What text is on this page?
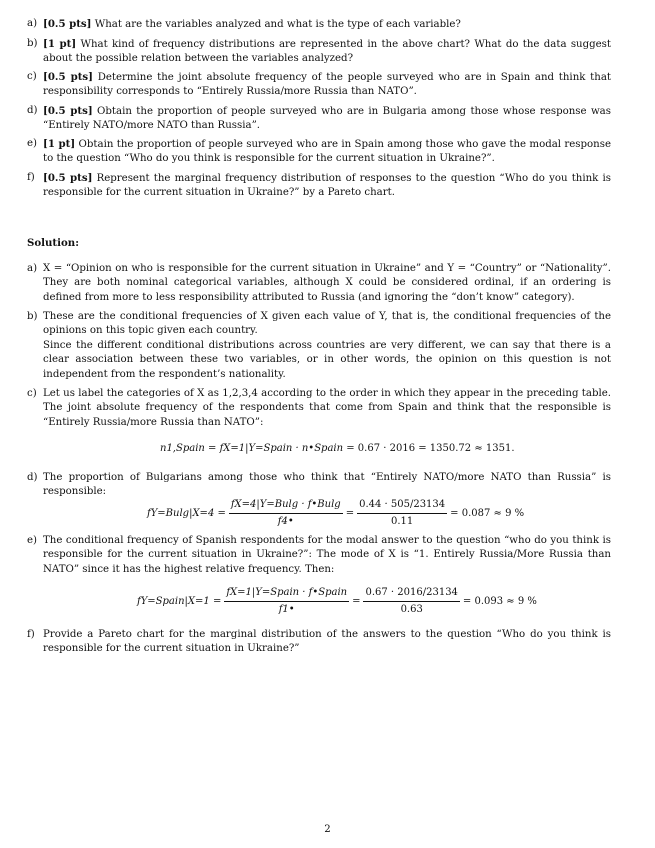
a) [0.5 pts] What are the variables analyzed and what is the type of each variable?
b) [1 pt] What kind of frequency distributions are represented in the above chart? What do the data suggest about the possible relation between the variables analyzed?
c) [0.5 pts] Determine the joint absolute frequency of the people surveyed who are in Spain and think that responsibility corresponds to “Entirely Russia/more Russia than NATO”.
d) [0.5 pts] Obtain the proportion of people surveyed who are in Bulgaria among those whose response was “Entirely NATO/more NATO than Russia”.
e) [1 pt] Obtain the proportion of people surveyed who are in Spain among those who gave the modal response to the question “Who do you think is responsible for the current situation in Ukraine?”.
f) [0.5 pts] Represent the marginal frequency distribution of responses to the question “Who do you think is responsible for the current situation in Ukraine?” by a Pareto chart.
Solution:
a) X = “Opinion on who is responsible for the current situation in Ukraine” and Y = “Country” or “Nationality”. They are both nominal categorical variables, although X could be considered ordinal, if an ordering is defined from more to less responsibility attributed to Russia (and ignoring the “don’t know” category).
b) These are the conditional frequencies of X given each value of Y, that is, the conditional frequencies of the opinions on this topic given each country.
Since the different conditional distributions across countries are very different, we can say that there is a clear association between these two variables, or in other words, the opinion on this question is not independent from the respondent’s nationality.
c) Let us label the categories of X as 1,2,3,4 according to the order in which they appear in the preceding table. The joint absolute frequency of the respondents that come from Spain and think that the responsible is “Entirely Russia/more Russia than NATO”:
n1,Spain = fX=1|Y=Spain · n•Spain
= 0.67 · 2016 = 1350.72 ≈ 1351.
d) The proportion of Bulgarians among those who think that “Entirely NATO/more NATO than Russia” is responsible:
$fY=Bulg|X=4 = \frac{fX=4|Y=Bulg \cdot f•Bulg}{f4•} = \frac{0.44 \cdot 505/23134}{0.11} = 0.087 \approx 9$ %
e) The conditional frequency of Spanish respondents for the modal answer to the question “who do you think is responsible for the current situation in Ukraine?”: The mode of X is “1. Entirely Russia/More Russia than NATO” since it has the highest relative frequency. Then:
fY=Spain|X=1 = $\frac{\text{fX=1|Y=Spain · f•Spain}}{f1•} = \frac{0.67 \cdot 2016/23134}{0.63} = 0.093 \approx 9$ %
f) Provide a Pareto chart for the marginal distribution of the answers to the question “Who do you think is responsible for the current situation in Ukraine?”
2
